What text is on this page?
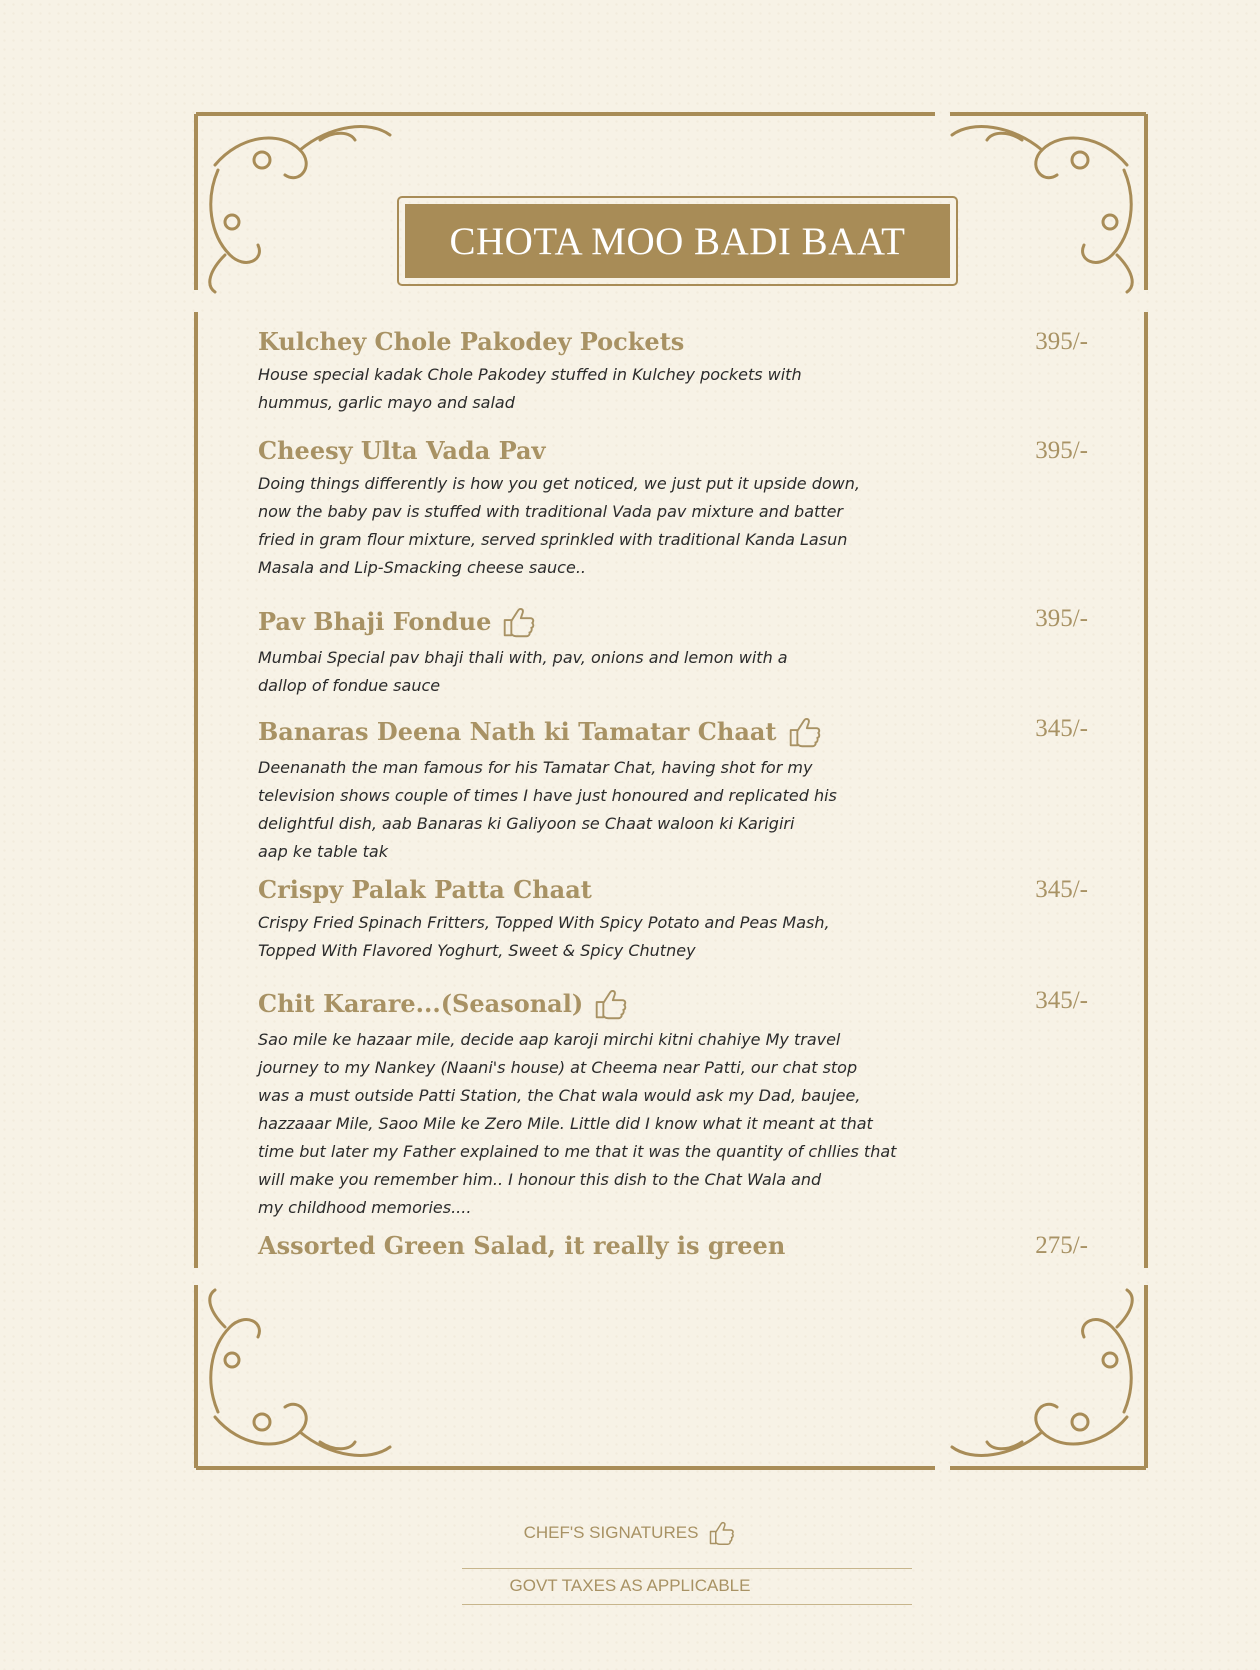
CHOTA MOO BADI BAAT
Kulchey Chole Pakodey Pockets	395/-
House special kadak Chole Pakodey stuffed in Kulchey pockets with
hummus, garlic mayo and salad
Cheesy Ulta Vada Pav	395/-
Doing things differently is how you get noticed, we just put it upside down,
now the baby pav is stuffed with traditional Vada pav mixture and batter
fried in gram flour mixture, served sprinkled with traditional Kanda Lasun
Masala and Lip-Smacking cheese sauce..
Pav Bhaji Fondue	395/-
Mumbai Special pav bhaji thali with, pav, onions and lemon with a
dallop of fondue sauce
Banaras Deena Nath ki Tamatar Chaat	345/-
Deenanath the man famous for his Tamatar Chat, having shot for my
television shows couple of times I have just honoured and replicated his
delightful dish, aab Banaras ki Galiyoon se Chaat waloon ki Karigiri
aap ke table tak
Crispy Palak Patta Chaat	345/-
Crispy Fried Spinach Fritters, Topped With Spicy Potato and Peas Mash,
Topped With Flavored Yoghurt, Sweet & Spicy Chutney
Chit Karare...(Seasonal)	345/-
Sao mile ke hazaar mile, decide aap karoji mirchi kitni chahiye My travel
journey to my Nankey (Naani's house) at Cheema near Patti, our chat stop
was a must outside Patti Station, the Chat wala would ask my Dad, baujee,
hazzaaar Mile, Saoo Mile ke Zero Mile. Little did I know what it meant at that
time but later my Father explained to me that it was the quantity of chllies that
will make you remember him.. I honour this dish to the Chat Wala and
my childhood memories....
Assorted Green Salad, it really is green	275/-
CHEF'S SIGNATURES
GOVT TAXES AS APPLICABLE
